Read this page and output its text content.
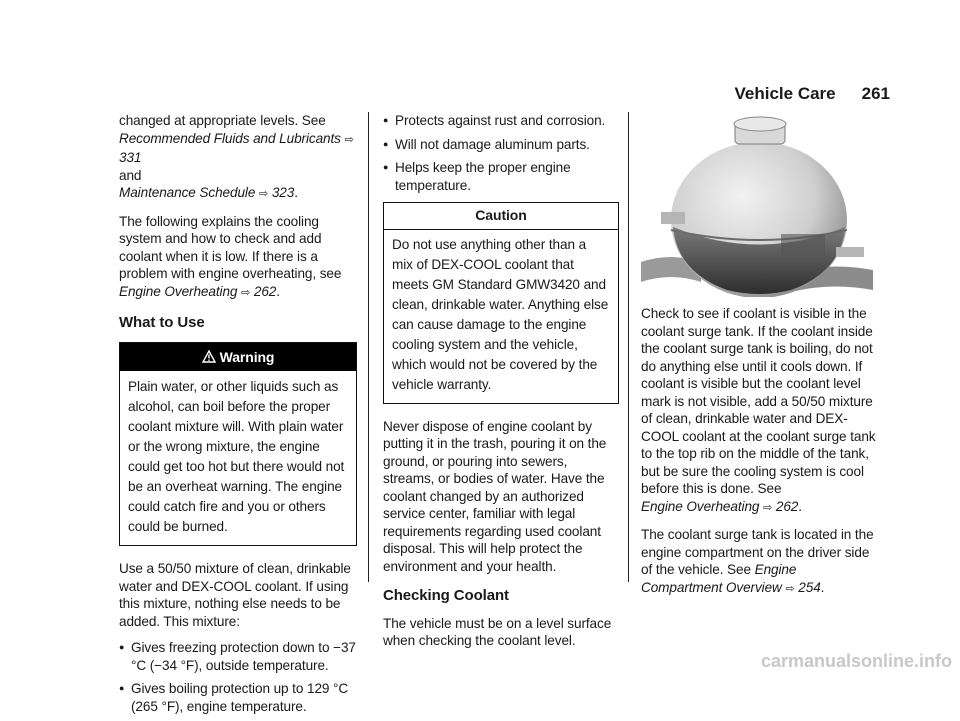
Vehicle Care 261

changed at appropriate levels. See
Recommended Fluids and Lubricants ⇨ 331
and
Maintenance Schedule ⇨ 323.

The following explains the cooling system and how to check and add coolant when it is low. If there is a problem with engine overheating, see Engine Overheating ⇨ 262.

What to Use
Warning
Plain water, or other liquids such as alcohol, can boil before the proper coolant mixture will. With plain water or the wrong mixture, the engine could get too hot but there would not be an overheat warning. The engine could catch fire and you or others could be burned.

Use a 50/50 mixture of clean, drinkable water and DEX-COOL coolant. If using this mixture, nothing else needs to be added. This mixture:

● Gives freezing protection down to −37 °C (−34 °F), outside temperature.
● Gives boiling protection up to 129 °C (265 °F), engine temperature.
● Protects against rust and corrosion.
● Will not damage aluminum parts.
● Helps keep the proper engine temperature.
Caution
Do not use anything other than a mix of DEX-COOL coolant that meets GM Standard GMW3420 and clean, drinkable water. Anything else can cause damage to the engine cooling system and the vehicle, which would not be covered by the vehicle warranty.

Never dispose of engine coolant by putting it in the trash, pouring it on the ground, or pouring into sewers, streams, or bodies of water. Have the coolant changed by an authorized service center, familiar with legal requirements regarding used coolant disposal. This will help protect the environment and your health.

Checking Coolant

The vehicle must be on a level surface when checking the coolant level.

Check to see if coolant is visible in the coolant surge tank. If the coolant inside the coolant surge tank is boiling, do not do anything else until it cools down. If coolant is visible but the coolant level mark is not visible, add a 50/50 mixture of clean, drinkable water and DEX-COOL coolant at the coolant surge tank to the top rib on the middle of the tank, but be sure the cooling system is cool before this is done. See
Engine Overheating ⇨ 262.

The coolant surge tank is located in the engine compartment on the driver side of the vehicle. See Engine Compartment Overview ⇨ 254.

carmanualsonline.info
